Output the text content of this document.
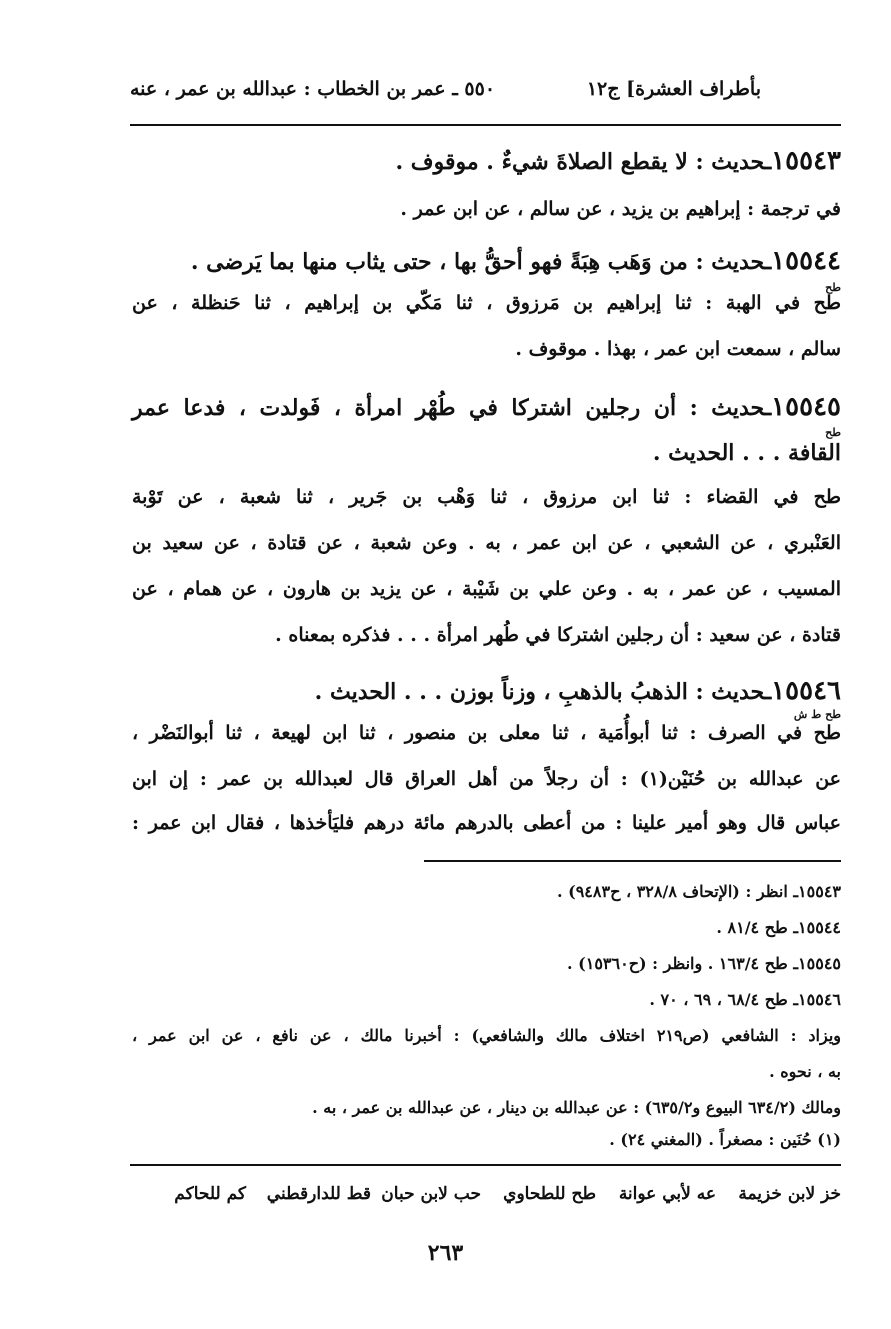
بأطراف العشرة] ج١٢
٥٥٠ ـ عمر بن الخطاب : عبدالله بن عمر ، عنه
١٥٥٤٣ـحديث : لا يقطع الصلاةَ شيءٌ . موقوف .
في ترجمة : إبراهيم بن يزيد ، عن سالم ، عن ابن عمر .
١٥٥٤٤ـحديث : من وَهَب هِبَةً فهو أحقُّ بها ، حتى يثاب منها بما يَرضى .
طح
طح في الهبة : ثنا إبراهيم بن مَرزوق ، ثنا مَكّي بن إبراهيم ، ثنا حَنظلة ، عن
سالم ، سمعت ابن عمر ، بهذا . موقوف .
١٥٥٤٥ـحديث : أن رجلين اشتركا في طُهْر امرأة ، فَولدت ، فدعا عمر
طح
القافة . . . الحديث .
طح في القضاء : ثنا ابن مرزوق ، ثنا وَهْب بن جَرير ، ثنا شعبة ، عن تَوْبة
العَنْبري ، عن الشعبي ، عن ابن عمر ، به . وعن شعبة ، عن قتادة ، عن سعيد بن
المسيب ، عن عمر ، به . وعن علي بن شَيْبة ، عن يزيد بن هارون ، عن همام ، عن
قتادة ، عن سعيد : أن رجلين اشتركا في طُهر امرأة . . . فذكره بمعناه .
١٥٥٤٦ـحديث : الذهبُ بالذهبِ ، وزناً بوزن . . . الحديث .
طح ط ش
طح في الصرف : ثنا أبوأُمَية ، ثنا معلى بن منصور ، ثنا ابن لهيعة ، ثنا أبوالنَضْر ،
عن عبدالله بن حُنَيْن(١) : أن رجلاً من أهل العراق قال لعبدالله بن عمر : إن ابن
عباس قال وهو أمير علينا : من أعطى بالدرهم مائة درهم فليَأخذها ، فقال ابن عمر :
١٥٥٤٣ـ انظر : (الإتحاف ٣٢٨/٨ ، ح٩٤٨٣) .
١٥٥٤٤ـ طح ٨١/٤ .
١٥٥٤٥ـ طح ١٦٣/٤ . وانظر : (ح١٥٣٦٠) .
١٥٥٤٦ـ طح ٦٨/٤ ، ٦٩ ، ٧٠ .
ويزاد : الشافعي (ص٢١٩ اختلاف مالك والشافعي) : أخبرنا مالك ، عن نافع ، عن ابن عمر ،
به ، نحوه .
ومالك (٦٣٤/٢ البيوع و٦٣٥/٢) : عن عبدالله بن دينار ، عن عبدالله بن عمر ، به .
(١) حُنَين : مصغراً . (المغني ٢٤) .
خز لابن خزيمة
عه لأبي عوانة
طح للطحاوي
حب لابن حبان
قط للدارقطني
كم للحاكم
٢٦٣
